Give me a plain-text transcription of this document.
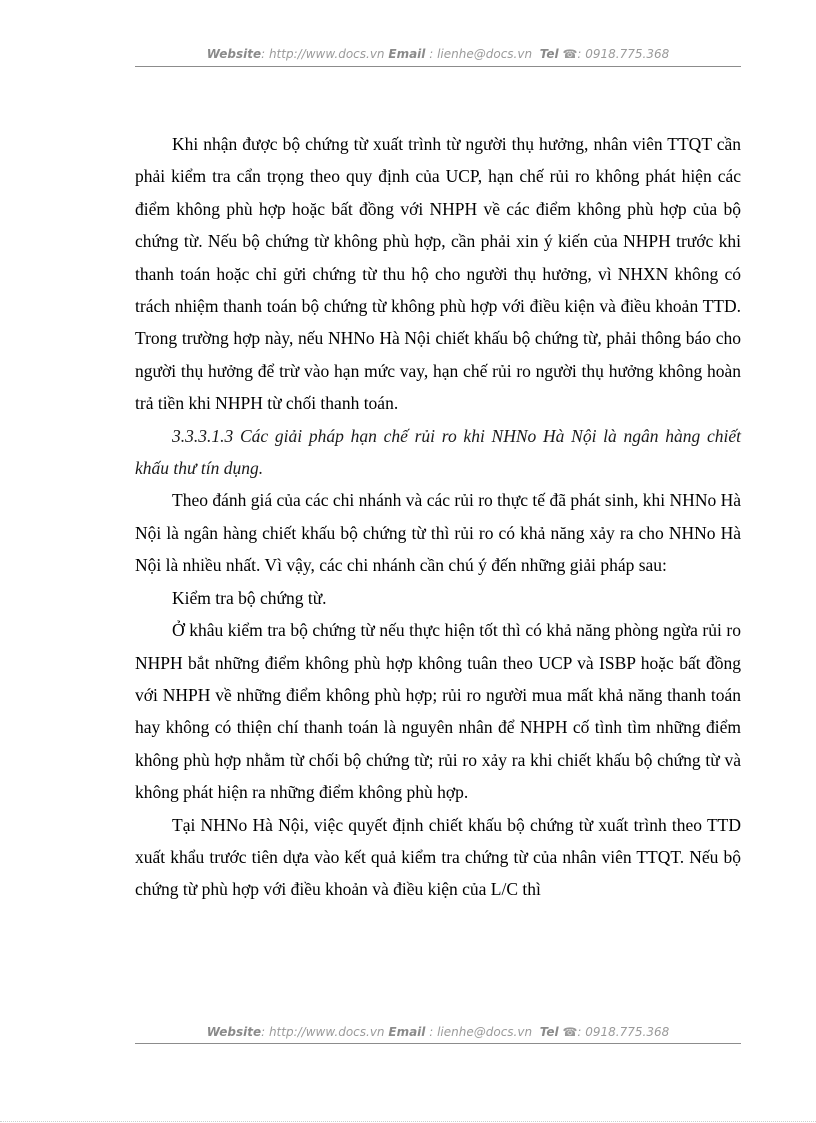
Website: http://www.docs.vn Email : lienhe@docs.vn Tel ☎: 0918.775.368

Khi nhận được bộ chứng từ xuất trình từ người thụ hưởng, nhân viên TTQT cần phải kiểm tra cẩn trọng theo quy định của UCP, hạn chế rủi ro không phát hiện các điểm không phù hợp hoặc bất đồng với NHPH về các điểm không phù hợp của bộ chứng từ. Nếu bộ chứng từ không phù hợp, cần phải xin ý kiến của NHPH trước khi thanh toán hoặc chỉ gửi chứng từ thu hộ cho người thụ hưởng, vì NHXN không có trách nhiệm thanh toán bộ chứng từ không phù hợp với điều kiện và điều khoản TTD. Trong trường hợp này, nếu NHNo Hà Nội chiết khấu bộ chứng từ, phải thông báo cho người thụ hưởng để trừ vào hạn mức vay, hạn chế rủi ro người thụ hưởng không hoàn trả tiền khi NHPH từ chối thanh toán.

3.3.3.1.3 Các giải pháp hạn chế rủi ro khi NHNo Hà Nội là ngân hàng chiết khấu thư tín dụng.

Theo đánh giá của các chi nhánh và các rủi ro thực tế đã phát sinh, khi NHNo Hà Nội là ngân hàng chiết khấu bộ chứng từ thì rủi ro có khả năng xảy ra cho NHNo Hà Nội là nhiều nhất. Vì vậy, các chi nhánh cần chú ý đến những giải pháp sau:

Kiểm tra bộ chứng từ.

Ở khâu kiểm tra bộ chứng từ nếu thực hiện tốt thì có khả năng phòng ngừa rủi ro NHPH bắt những điểm không phù hợp không tuân theo UCP và ISBP hoặc bất đồng với NHPH về những điểm không phù hợp; rủi ro người mua mất khả năng thanh toán hay không có thiện chí thanh toán là nguyên nhân để NHPH cố tình tìm những điểm không phù hợp nhằm từ chối bộ chứng từ; rủi ro xảy ra khi chiết khấu bộ chứng từ và không phát hiện ra những điểm không phù hợp.

Tại NHNo Hà Nội, việc quyết định chiết khấu bộ chứng từ xuất trình theo TTD xuất khẩu trước tiên dựa vào kết quả kiểm tra chứng từ của nhân viên TTQT. Nếu bộ chứng từ phù hợp với điều khoản và điều kiện của L/C thì

Website: http://www.docs.vn Email : lienhe@docs.vn Tel ☎: 0918.775.368
